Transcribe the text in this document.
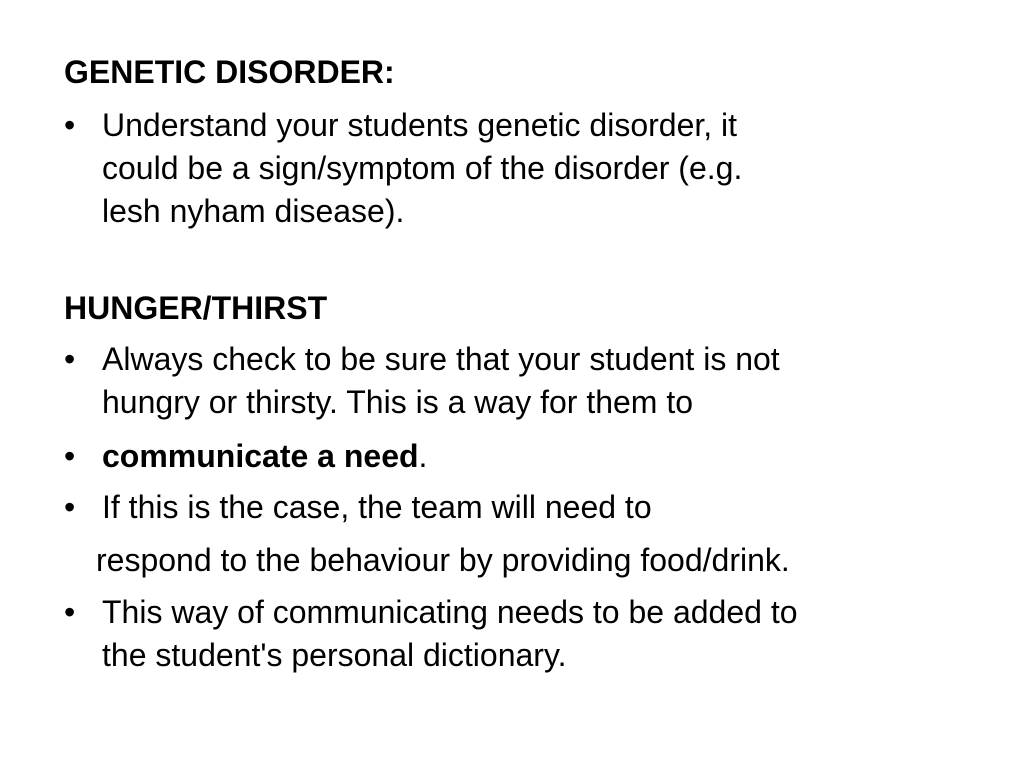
GENETIC DISORDER:
• Understand your students genetic disorder, it
could be a sign/symptom of the disorder (e.g.
lesh nyham disease).
HUNGER/THIRST
• Always check to be sure that your student is not
hungry or thirsty. This is a way for them to
• communicate a need.
• If this is the case, the team will need to
respond to the behaviour by providing food/drink.
• This way of communicating needs to be added to
the student's personal dictionary.
